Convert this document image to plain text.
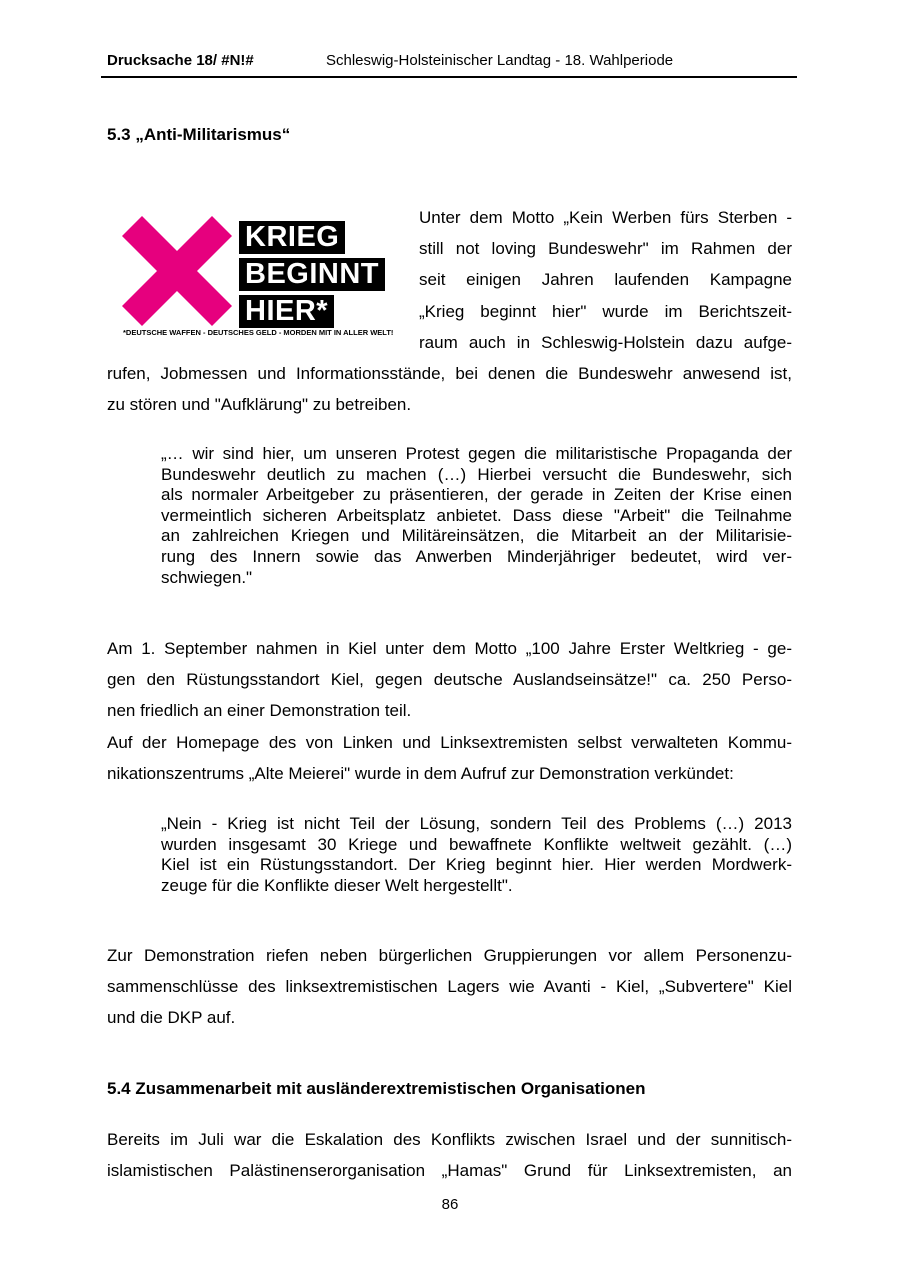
Drucksache 18/ #N!#	Schleswig-Holsteinischer Landtag - 18. Wahlperiode
5.3 „Anti-Militarismus“
KRIEG
BEGINNT
HIER*
*DEUTSCHE WAFFEN - DEUTSCHES GELD - MORDEN MIT IN ALLER WELT!
Unter dem Motto „Kein Werben fürs Sterben -
still not loving Bundeswehr" im Rahmen der
seit einigen Jahren laufenden Kampagne
„Krieg beginnt hier" wurde im Berichtszeit-
raum auch in Schleswig-Holstein dazu aufge-
rufen, Jobmessen und Informationsstände, bei denen die Bundeswehr anwesend ist,
zu stören und "Aufklärung" zu betreiben.
„… wir sind hier, um unseren Protest gegen die militaristische Propaganda der
Bundeswehr deutlich zu machen (…) Hierbei versucht die Bundeswehr, sich
als normaler Arbeitgeber zu präsentieren, der gerade in Zeiten der Krise einen
vermeintlich sicheren Arbeitsplatz anbietet. Dass diese "Arbeit" die Teilnahme
an zahlreichen Kriegen und Militäreinsätzen, die Mitarbeit an der Militarisie-
rung des Innern sowie das Anwerben Minderjähriger bedeutet, wird ver-
schwiegen."
Am 1. September nahmen in Kiel unter dem Motto „100 Jahre Erster Weltkrieg - ge-
gen den Rüstungsstandort Kiel, gegen deutsche Auslandseinsätze!" ca. 250 Perso-
nen friedlich an einer Demonstration teil.
Auf der Homepage des von Linken und Linksextremisten selbst verwalteten Kommu-
nikationszentrums „Alte Meierei" wurde in dem Aufruf zur Demonstration verkündet:
„Nein - Krieg ist nicht Teil der Lösung, sondern Teil des Problems (…) 2013
wurden insgesamt 30 Kriege und bewaffnete Konflikte weltweit gezählt. (…)
Kiel ist ein Rüstungsstandort. Der Krieg beginnt hier. Hier werden Mordwerk-
zeuge für die Konflikte dieser Welt hergestellt".
Zur Demonstration riefen neben bürgerlichen Gruppierungen vor allem Personenzu-
sammenschlüsse des linksextremistischen Lagers wie Avanti - Kiel, „Subvertere" Kiel
und die DKP auf.
5.4 Zusammenarbeit mit ausländerextremistischen Organisationen
Bereits im Juli war die Eskalation des Konflikts zwischen Israel und der sunnitisch-
islamistischen Palästinenserorganisation „Hamas" Grund für Linksextremisten, an
86
